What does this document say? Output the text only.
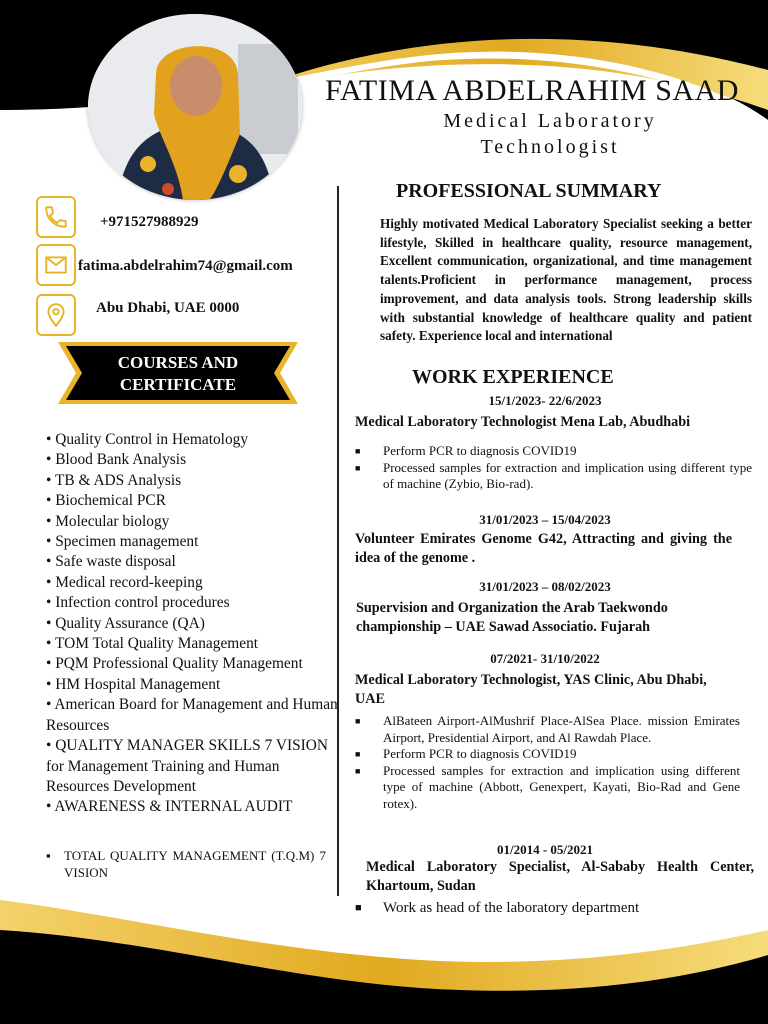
FATIMA ABDELRAHIM SAAD
Medical Laboratory
Technologist
+971527988929
fatima.abdelrahim74@gmail.com
Abu Dhabi, UAE 0000
COURSES AND
CERTIFICATE
• Quality Control in Hematology
• Blood Bank Analysis
• TB & ADS Analysis
• Biochemical PCR
• Molecular biology
• Specimen management
• Safe waste disposal
• Medical record-keeping
• Infection control procedures
• Quality Assurance (QA)
• TOM Total Quality Management
• PQM Professional Quality Management
• HM Hospital Management
• American Board for Management and Human Resources
• QUALITY MANAGER SKILLS 7 VISION for Management Training and Human Resources Development
• AWARENESS & INTERNAL AUDIT
▪	TOTAL QUALITY MANAGEMENT (T.Q.M) 7 VISION
PROFESSIONAL SUMMARY
Highly motivated Medical Laboratory Specialist seeking a better lifestyle, Skilled in healthcare quality, resource management, Excellent communication, organizational, and time management talents.Proficient in performance management, process improvement, and data analysis tools. Strong leadership skills with substantial knowledge of healthcare quality and patient safety. Experience local and international
WORK EXPERIENCE
15/1/2023- 22/6/2023
Medical Laboratory Technologist Mena Lab, Abudhabi
■	Perform PCR to diagnosis COVID19
■	Processed samples for extraction and implication using different type of machine (Zybio, Bio-rad).
31/01/2023 – 15/04/2023
Volunteer Emirates Genome G42, Attracting and giving the idea of the genome .
31/01/2023 – 08/02/2023
Supervision and Organization the Arab Taekwondo championship – UAE Sawad Associatio. Fujarah
07/2021- 31/10/2022
Medical Laboratory Technologist, YAS Clinic, Abu Dhabi, UAE
■	AlBateen Airport-AlMushrif Place-AlSea Place. mission Emirates Airport, Presidential Airport, and Al Rawdah Place.
■	Perform PCR to diagnosis COVID19
■	Processed samples for extraction and implication using different type of machine (Abbott, Genexpert, Kayati, Bio-Rad and Gene rotex).
01/2014 - 05/2021
Medical Laboratory Specialist, Al-Sababy Health Center, Khartoum, Sudan
■	Work as head of the laboratory department
